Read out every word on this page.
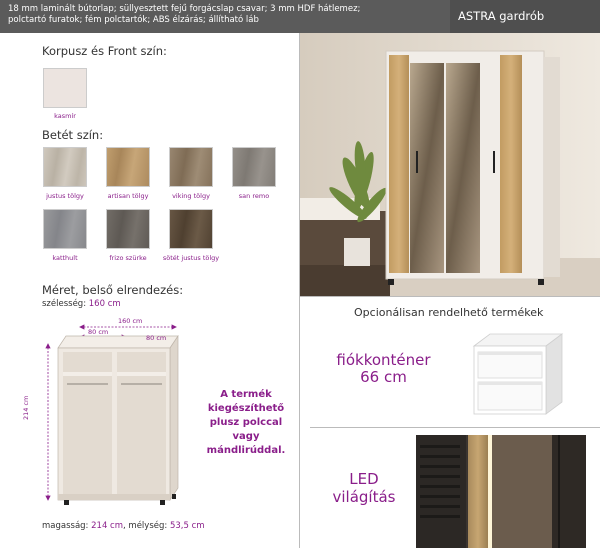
18 mm laminált bútorlap; süllyesztett fejű forgácslap csavar; 3 mm HDF hátlemez;
polctartó furatok; fém polctartók; ABS élzárás; állítható láb	ASTRA gardrób
Korpusz és Front szín:
kasmír
Betét szín:
justus tölgy	artisan tölgy	viking tölgy	san remo
katthult	frizo szürke	sötét justus tölgy
Méret, belső elrendezés:
szélesség: 160 cm
160 cm
80 cm
80 cm
214 cm
A termék
kiegészíthető
plusz polccal
vagy
mándlirúddal.
magasság: 214 cm, mélység: 53,5 cm
Opcionálisan rendelhető termékek
fiókkonténer
66 cm
LED
világítás
